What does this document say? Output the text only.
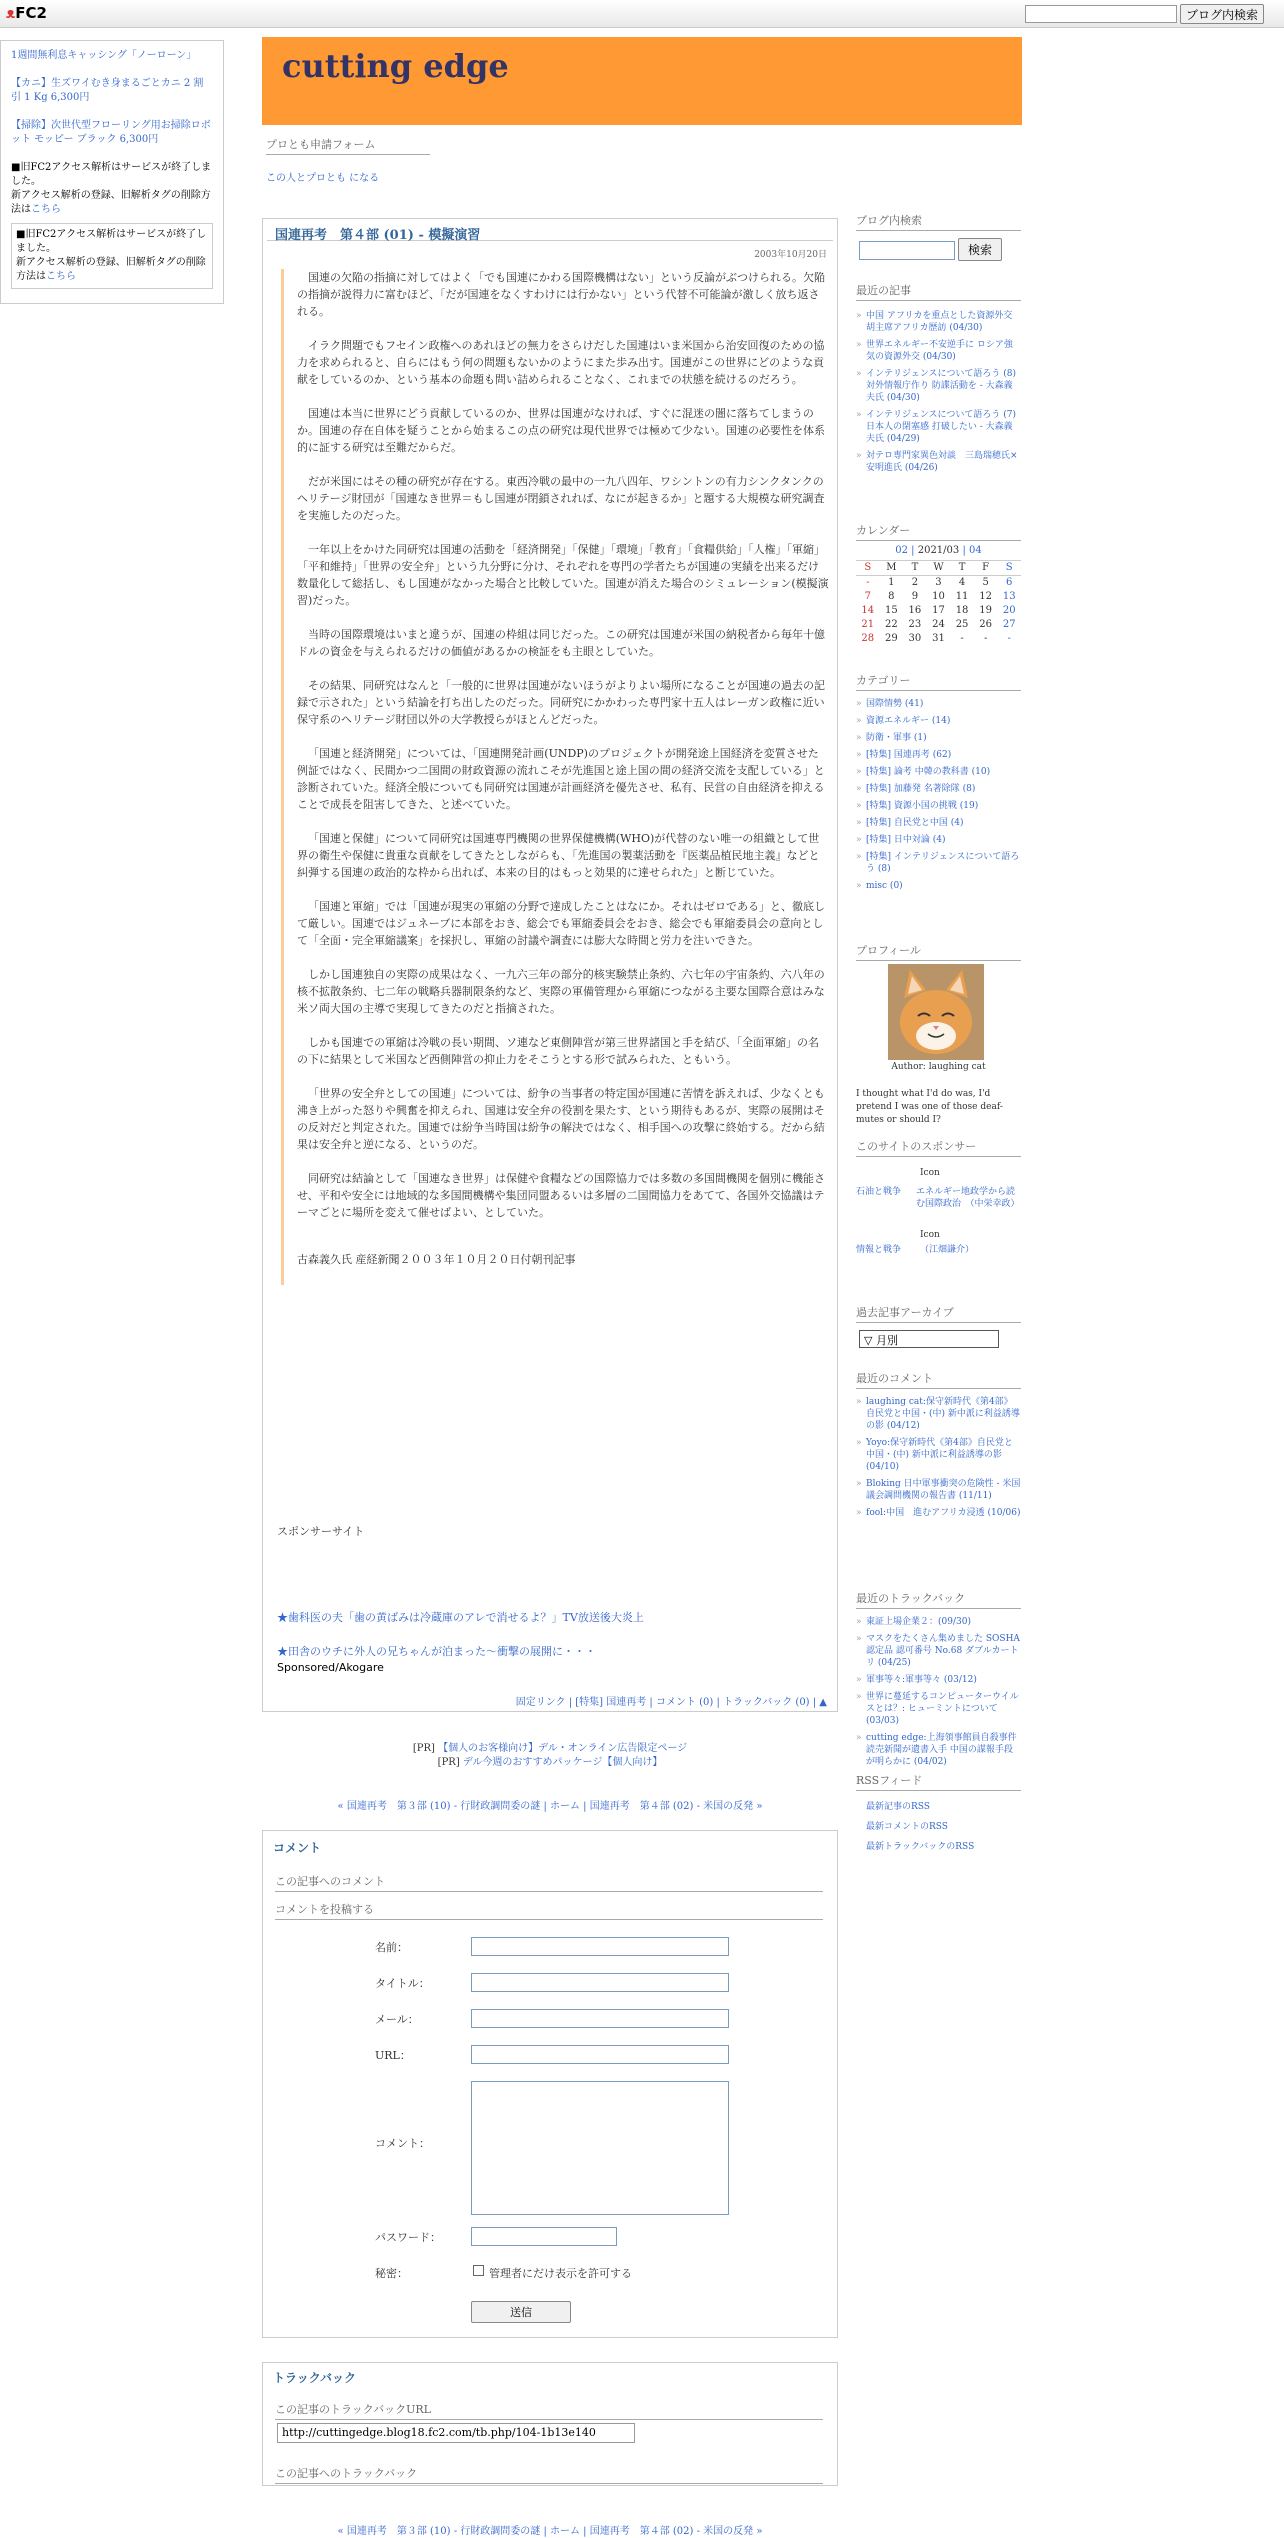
ᴥFC2	ブログ内検索
1週間無利息キャッシング「ノーローン」
【カニ】生ズワイむき身まるごとカニ 2 割引 1 Kg 6,300円
【掃除】次世代型フローリング用お掃除ロボット モッピー ブラック 6,300円
■旧FC2アクセス解析はサービスが終了しました。
新アクセス解析の登録、旧解析タグの削除方法はこちら
■旧FC2アクセス解析はサービスが終了しました。
新アクセス解析の登録、旧解析タグの削除方法はこちら
cutting edge
プロとも申請フォーム
この人とプロとも になる
国連再考　第４部 (01) - 模擬演習
2003年10月20日

国連の欠陥の指摘に対してはよく「でも国連にかわる国際機構はない」という反論がぶつけられる。欠陥の指摘が説得力に富むほど、「だが国連をなくすわけには行かない」という代替不可能論が激しく放ち返される。

イラク問題でもフセイン政権へのあれほどの無力をさらけだした国連はいま米国から治安回復のための協力を求められると、自らにはもう何の問題もないかのようにまた歩み出す。国連がこの世界にどのような貢献をしているのか、という基本の命題も問い詰められることなく、これまでの状態を続けるのだろう。

国連は本当に世界にどう貢献しているのか、世界は国連がなければ、すぐに混迷の闇に落ちてしまうのか。国連の存在自体を疑うことから始まるこの点の研究は現代世界では極めて少ない。国連の必要性を体系的に証する研究は至難だからだ。

だが米国にはその種の研究が存在する。東西冷戦の最中の一九八四年、ワシントンの有力シンクタンクのヘリテージ財団が「国連なき世界＝もし国連が閉鎖されれば、なにが起きるか」と題する大規模な研究調査を実施したのだった。

一年以上をかけた同研究は国連の活動を「経済開発」「保健」「環境」「教育」「食糧供給」「人権」「軍縮」「平和維持」「世界の安全弁」という九分野に分け、それぞれを専門の学者たちが国連の実績を出来るだけ数量化して総括し、もし国連がなかった場合と比較していた。国連が消えた場合のシミュレーション(模擬演習)だった。

当時の国際環境はいまと違うが、国連の枠組は同じだった。この研究は国連が米国の納税者から毎年十億ドルの資金を与えられるだけの価値があるかの検証をも主眼としていた。

その結果、同研究はなんと「一般的に世界は国連がないほうがよりよい場所になることが国連の過去の記録で示された」という結論を打ち出したのだった。同研究にかかわった専門家十五人はレーガン政権に近い保守系のヘリテージ財団以外の大学教授らがほとんどだった。

「国連と経済開発」については、「国連開発計画(UNDP)のプロジェクトが開発途上国経済を変質させた例証ではなく、民間かつ二国間の財政資源の流れこそが先進国と途上国の間の経済交流を支配している」と診断されていた。経済全般についても同研究は国連が計画経済を優先させ、私有、民営の自由経済を抑えることで成長を阻害してきた、と述べていた。

「国連と保健」について同研究は国連専門機関の世界保健機構(WHO)が代替のない唯一の組織として世界の衛生や保健に貴重な貢献をしてきたとしながらも、「先進国の製薬活動を『医薬品植民地主義』などと糾弾する国連の政治的な枠から出れば、本来の目的はもっと効果的に達せられた」と断じていた。

「国連と軍縮」では「国連が現実の軍縮の分野で達成したことはなにか。それはゼロである」と、徹底して厳しい。国連ではジュネーブに本部をおき、総会でも軍縮委員会をおき、総会でも軍縮委員会の意向として「全面・完全軍縮議案」を採択し、軍縮の討議や調査には膨大な時間と労力を注いできた。

しかし国連独自の実際の成果はなく、一九六三年の部分的核実験禁止条約、六七年の宇宙条約、六八年の核不拡散条約、七二年の戦略兵器制限条約など、実際の軍備管理から軍縮につながる主要な国際合意はみな米ソ両大国の主導で実現してきたのだと指摘された。

しかも国連での軍縮は冷戦の長い期間、ソ連など東側陣営が第三世界諸国と手を結び、「全面軍縮」の名の下に結果として米国など西側陣営の抑止力をそこうとする形で試みられた、ともいう。

「世界の安全弁としての国連」については、紛争の当事者の特定国が国連に苦情を訴えれば、少なくとも沸き上がった怒りや興奮を抑えられ、国連は安全弁の役割を果たす、という期待もあるが、実際の展開はその反対だと判定された。国連では紛争当時国は紛争の解決ではなく、相手国への攻撃に終始する。だから結果は安全弁と逆になる、というのだ。

同研究は結論として「国連なき世界」は保健や食糧などの国際協力では多数の多国間機関を個別に機能させ、平和や安全には地域的な多国間機構や集団同盟あるいは多層の二国間協力をあてて、各国外交協議はテーマごとに場所を変えて催せばよい、としていた。

古森義久氏 産経新聞２００３年１０月２０日付朝刊記事

スポンサーサイト
★歯科医の夫「歯の黄ばみは冷蔵庫のアレで消せるよ？」TV放送後大炎上
★田舎のウチに外人の兄ちゃんが泊まった～衝撃の展開に・・・
Sponsored/Akogare
固定リンク | [特集] 国連再考 | コメント (0) | トラックバック (0) | ▲
[PR] 【個人のお客様向け】デル・オンライン広告限定ページ
[PR] デル今週のおすすめパッケージ【個人向け】
« 国連再考　第３部 (10) - 行財政調問委の謎 | ホーム | 国連再考　第４部 (02) - 米国の反発 »
コメント
この記事へのコメント
コメントを投稿する
名前：
タイトル：
メール：
URL：
コメント：
パスワード：
秘密：	管理者にだけ表示を許可する
送信
トラックバック
この記事のトラックバックURL
http://cuttingedge.blog18.fc2.com/tb.php/104-1b13e140
この記事へのトラックバック
« 国連再考　第３部 (10) - 行財政調問委の謎 | ホーム | 国連再考　第４部 (02) - 米国の反発 »
ブログ内検索
検索
最近の記事
» 中国 アフリカを重点とした資源外交 胡主席アフリカ歴訪 (04/30)
» 世界エネルギー不安逆手に ロシア強気の資源外交 (04/30)
» インテリジェンスについて語ろう (8) 対外情報庁作り 防諜活動を - 大森義夫氏 (04/30)
» インテリジェンスについて語ろう (7) 日本人の閉塞感 打破したい - 大森義夫氏 (04/29)
» 対テロ専門家異色対談　三島瑞穂氏×安明進氏 (04/26)
カレンダー
02 | 2021/03 | 04
S	M	T	W	T	F	S
-	1	2	3	4	5	6
7	8	9	10	11	12	13
14	15	16	17	18	19	20
21	22	23	24	25	26	27
28	29	30	31	-	-	-
カテゴリー
» 国際情勢 (41)
» 資源エネルギー (14)
» 防衛・軍事 (1)
» [特集] 国連再考 (62)
» [特集] 論考 中韓の教科書 (10)
» [特集] 加藤発 名著除隊 (8)
» [特集] 資源小国の挑戦 (19)
» [特集] 自民党と中国 (4)
» [特集] 日中対論 (4)
» [特集] インテリジェンスについて語ろう (8)
» misc (0)
プロフィール
Author: laughing cat
I thought what I'd do was, I'd pretend I was one of those deaf-mutes or should I?
このサイトのスポンサー
Icon
石油と戦争 エネルギー地政学から読む国際政治　（中栄幸政）
Icon
情報と戦争 （江畑謙介）
過去記事アーカイブ
▽ 月別
最近のコメント
» laughing cat:保守新時代《第4部》自民党と中国・(中) 新中派に利益誘導の影 (04/12)
» Yoyo:保守新時代《第4部》自民党と中国・(中) 新中派に利益誘導の影 (04/10)
» Bloking 日中軍事衝突の危険性 - 米国議会調問機関の報告書 (11/11)
» fool:中国　進むアフリカ浸透 (10/06)
最近のトラックバック
» 東証上場企業２：(09/30)
» マスクをたくさん集めました SOSHA認定品 認可番号 No.68 ダブルカートリ (04/25)
» 軍事等々:軍事等々 (03/12)
» 世界に蔓延するコンピューターウイルスとは？: ヒューミントについて (03/03)
» cutting edge:上海領事館員自殺事件　読売新聞が遺書入手 中国の謀報手段が明らかに (04/02)
RSSフィード
最新記事のRSS
最新コメントのRSS
最新トラックバックのRSS
